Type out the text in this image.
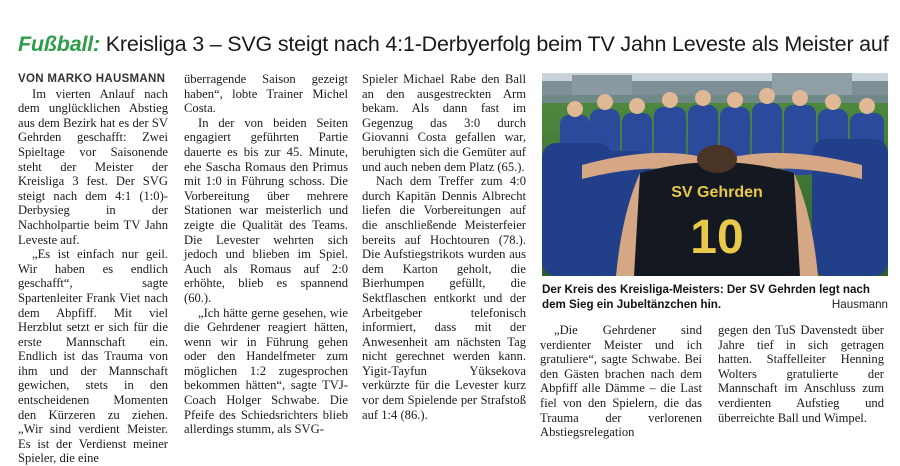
Fußball: Kreisliga 3 – SVG steigt nach 4:1-Derbyerfolg beim TV Jahn Leveste als Meister auf

VON MARKO HAUSMANN

Im vierten Anlauf nach dem unglücklichen Abstieg aus dem Bezirk hat es der SV Gehrden geschafft: Zwei Spieltage vor Saisonende steht der Meister der Kreisliga 3 fest. Der SVG steigt nach dem 4:1 (1:0)-Derbysieg in der Nachholpartie beim TV Jahn Leveste auf.

„Es ist einfach nur geil. Wir haben es endlich geschafft“, sagte Spartenleiter Frank Viet nach dem Abpfiff. Mit viel Herzblut setzt er sich für die erste Mannschaft ein. Endlich ist das Trauma von ihm und der Mannschaft gewichen, stets in den entscheidenen Momenten den Kürzeren zu ziehen. „Wir sind verdient Meister. Es ist der Verdienst meiner Spieler, die eine

überragende Saison gezeigt haben“, lobte Trainer Michel Costa.

In der von beiden Seiten engagiert geführten Partie dauerte es bis zur 45. Minute, ehe Sascha Romaus den Primus mit 1:0 in Führung schoss. Die Vorbereitung über mehrere Stationen war meisterlich und zeigte die Qualität des Teams. Die Levester wehrten sich jedoch und blieben im Spiel. Auch als Romaus auf 2:0 erhöhte, blieb es spannend (60.).

„Ich hätte gerne gesehen, wie die Gehrdener reagiert hätten, wenn wir in Führung gehen oder den Handelfmeter zum möglichen 1:2 zugesprochen bekommen hätten“, sagte TVJ-Coach Holger Schwabe. Die Pfeife des Schiedsrichters blieb allerdings stumm, als SVG-

Spieler Michael Rabe den Ball an den ausgestreckten Arm bekam. Als dann fast im Gegenzug das 3:0 durch Giovanni Costa gefallen war, beruhigten sich die Gemüter auf und auch neben dem Platz (65.).

Nach dem Treffer zum 4:0 durch Kapitän Dennis Albrecht liefen die Vorbereitungen auf die anschließende Meisterfeier bereits auf Hochtouren (78.). Die Aufstiegstrikots wurden aus dem Karton geholt, die Bierhumpen gefüllt, die Sektflaschen entkorkt und der Arbeitgeber telefonisch informiert, dass mit der Anwesenheit am nächsten Tag nicht gerechnet werden kann. Yigit-Tayfun Yüksekova verkürzte für die Levester kurz vor dem Spielende per Strafstoß auf 1:4 (86.).

SV Gehrden
10
Der Kreis des Kreisliga-Meisters: Der SV Gehrden legt nach dem Sieg ein Jubeltänzchen hin.	Hausmann

„Die Gehrdener sind verdienter Meister und ich gratuliere“, sagte Schwabe. Bei den Gästen brachen nach dem Abpfiff alle Dämme – die Last fiel von den Spielern, die das Trauma der verlorenen Abstiegsrelegation

gegen den TuS Davenstedt über Jahre tief in sich getragen hatten. Staffelleiter Henning Wolters gratulierte der Mannschaft im Anschluss zum verdienten Aufstieg und überreichte Ball und Wimpel.
